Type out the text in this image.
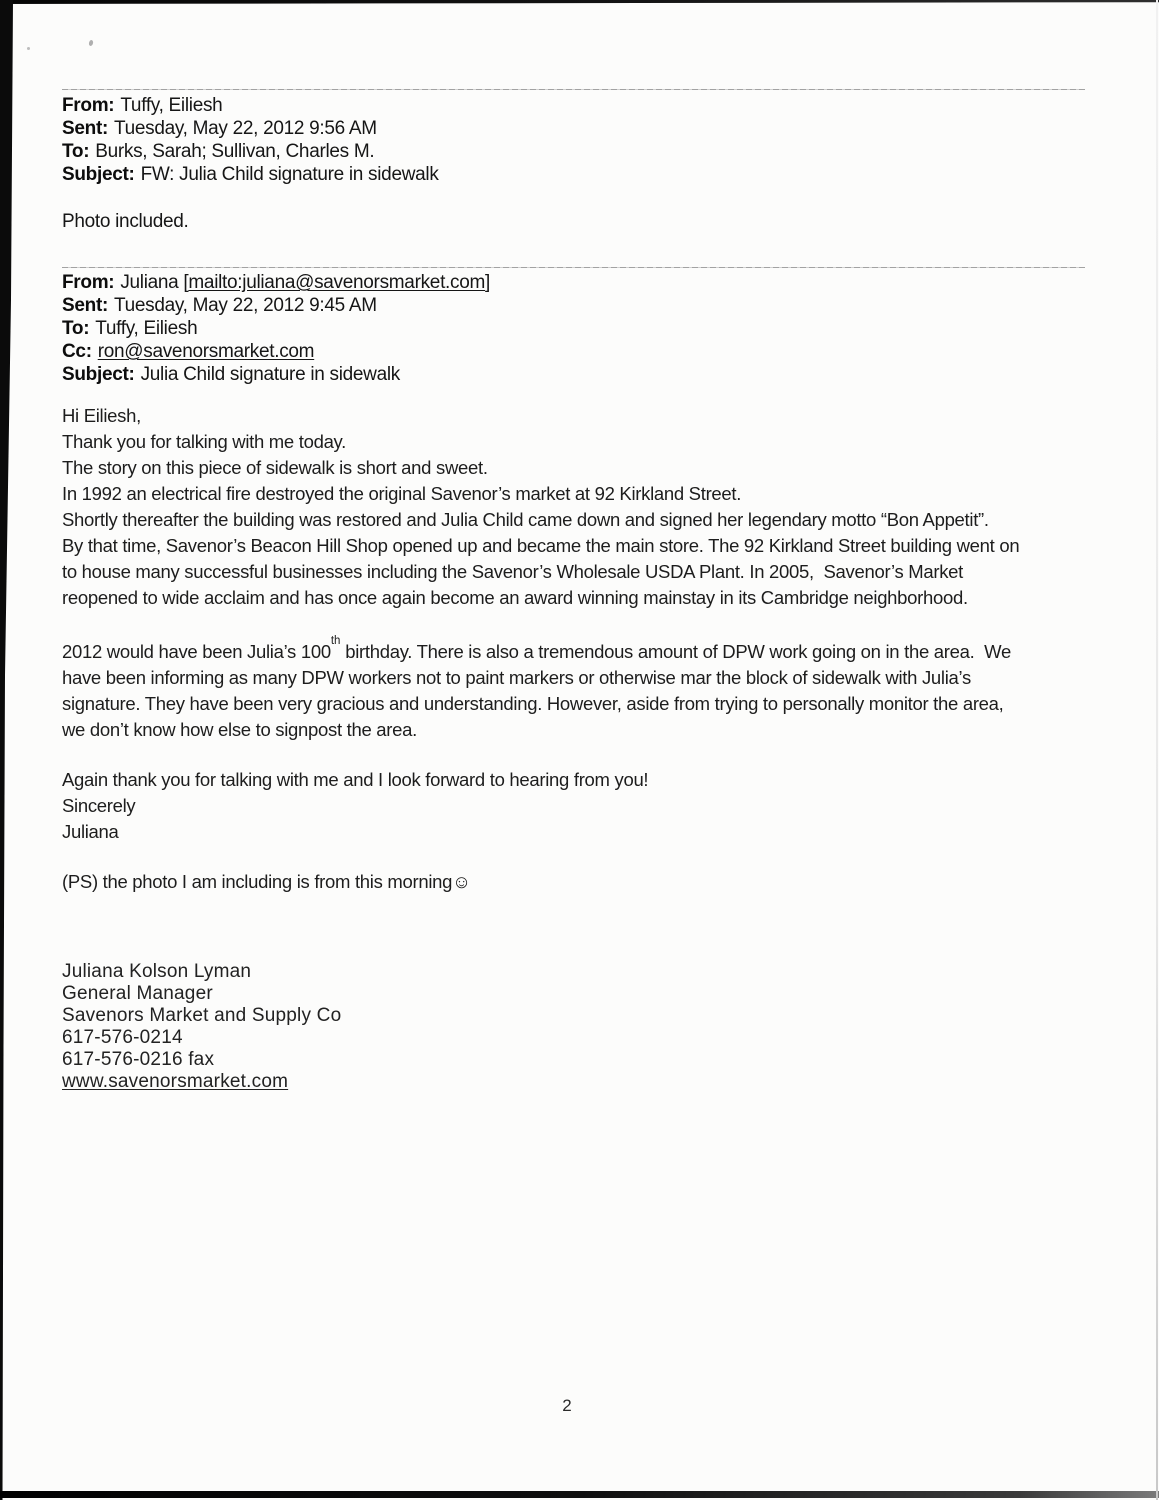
From: Tuffy, Eiliesh
Sent: Tuesday, May 22, 2012 9:56 AM
To: Burks, Sarah; Sullivan, Charles M.
Subject: FW: Julia Child signature in sidewalk
Photo included.
From: Juliana [mailto:juliana@savenorsmarket.com]
Sent: Tuesday, May 22, 2012 9:45 AM
To: Tuffy, Eiliesh
Cc: ron@savenorsmarket.com
Subject: Julia Child signature in sidewalk
Hi Eiliesh,
Thank you for talking with me today.
The story on this piece of sidewalk is short and sweet.
In 1992 an electrical fire destroyed the original Savenor’s market at 92 Kirkland Street.
Shortly thereafter the building was restored and Julia Child came down and signed her legendary motto “Bon Appetit”.
By that time, Savenor’s Beacon Hill Shop opened up and became the main store. The 92 Kirkland Street building went on
to house many successful businesses including the Savenor’s Wholesale USDA Plant. In 2005,  Savenor’s Market
reopened to wide acclaim and has once again become an award winning mainstay in its Cambridge neighborhood.
2012 would have been Julia’s 100th birthday. There is also a tremendous amount of DPW work going on in the area.  We
have been informing as many DPW workers not to paint markers or otherwise mar the block of sidewalk with Julia’s
signature. They have been very gracious and understanding. However, aside from trying to personally monitor the area,
we don’t know how else to signpost the area.
Again thank you for talking with me and I look forward to hearing from you!
Sincerely
Juliana
(PS) the photo I am including is from this morning☺
Juliana Kolson Lyman
General Manager
Savenors Market and Supply Co
617-576-0214
617-576-0216 fax
www.savenorsmarket.com
2
